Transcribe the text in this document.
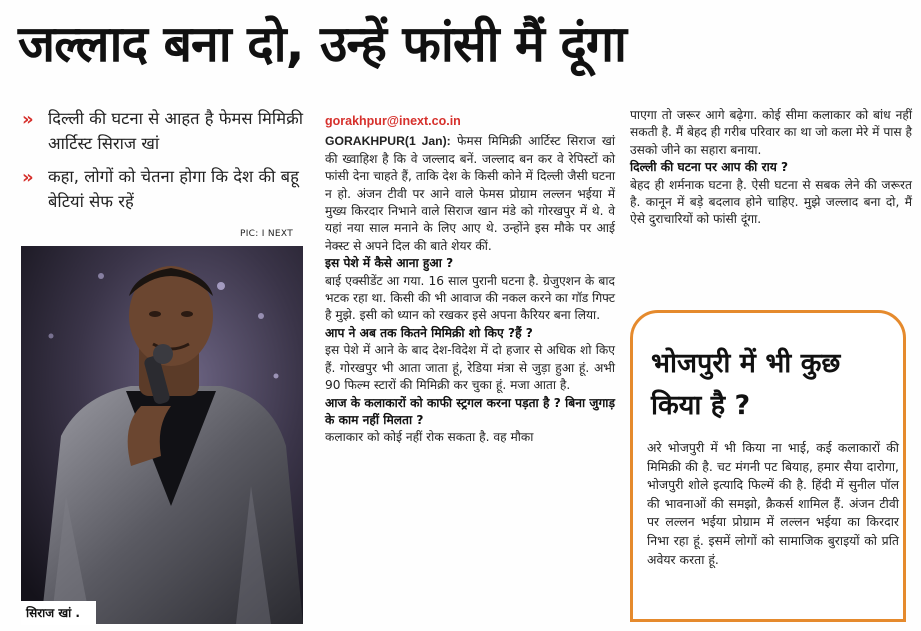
जल्लाद बना दो, उन्हें फांसी मैं दूंगा
» दिल्ली की घटना से आहत है फेमस मिमिक्री आर्टिस्ट सिराज खां
» कहा, लोगों को चेतना होगा कि देश की बहू बेटियां सेफ रहें
PIC: I NEXT
सिराज खां .

gorakhpur@inext.co.in

GORAKHPUR(1 Jan): फेमस मिमिक्री आर्टिस्ट सिराज खां की ख्वाहिश है कि वे जल्लाद बनें. जल्लाद बन कर वे रेपिस्टों को फांसी देना चाहते हैं, ताकि देश के किसी कोने में दिल्ली जैसी घटना न हो. अंजन टीवी पर आने वाले फेमस प्रोग्राम लल्लन भईया में मुख्य किरदार निभाने वाले सिराज खान मंडे को गोरखपुर में थे. वे यहां नया साल मनाने के लिए आए थे. उन्होंने इस मौके पर आई नेक्स्ट से अपने दिल की बाते शेयर कीं.

इस पेशे में कैसे आना हुआ ?

बाई एक्सीडेंट आ गया. 16 साल पुरानी घटना है. ग्रेजुएशन के बाद भटक रहा था. किसी की भी आवाज की नकल करने का गॉड गिफ्ट है मुझे. इसी को ध्यान को रखकर इसे अपना कैरियर बना लिया.

आप ने अब तक कितने मिमिक्री शो किए ?हैं ?

इस पेशे में आने के बाद देश-विदेश में दो हजार से अधिक शो किए हैं. गोरखपुर भी आता जाता हूं, रेडिया मंत्रा से जुड़ा हुआ हूं. अभी 90 फिल्म स्टारों की मिमिक्री कर चुका हूं. मजा आता है.

आज के कलाकारों को काफी स्ट्रगल करना पड़ता है ? बिना जुगाड़ के काम नहीं मिलता ?

कलाकार को कोई नहीं रोक सकता है. वह मौका

पाएगा तो जरूर आगे बढ़ेगा. कोई सीमा कलाकार को बांध नहीं सकती है. मैं बेहद ही गरीब परिवार का था जो कला मेरे में पास है उसको जीने का सहारा बनाया.

दिल्ली की घटना पर आप की राय ?

बेहद ही शर्मनाक घटना है. ऐसी घटना से सबक लेने की जरूरत है. कानून में बड़े बदलाव होने चाहिए. मुझे जल्लाद बना दो, मैं ऐसे दुराचारियों को फांसी दूंगा.

भोजपुरी में भी कुछ
किया है ?
अरे भोजपुरी में भी किया ना भाई, कई कलाकारों की मिमिक्री की है. चट मंगनी पट बियाह, हमार सैया दारोगा, भोजपुरी शोले इत्यादि फिल्में की है. हिंदी में सुनील पॉल की भावनाओं की समझो, क्रैकर्स शामिल हैं. अंजन टीवी पर लल्लन भईया प्रोग्राम में लल्लन भईया का किरदार निभा रहा हूं. इसमें लोगों को सामाजिक बुराइयों को प्रति अवेयर करता हूं.
